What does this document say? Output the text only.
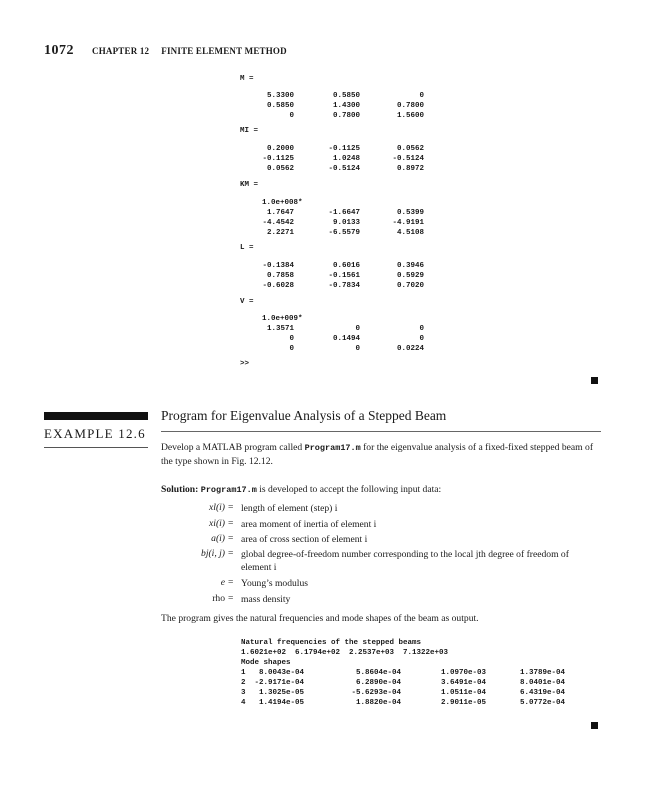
1072 CHAPTER 12 FINITE ELEMENT METHOD
M =
5.3300	0.5850	0
0.5850	1.4300	0.7800
0	0.7800	1.5600
MI =
0.2000	-0.1125	0.0562
-0.1125	1.0248	-0.5124
0.0562	-0.5124	0.8972
KM =
1.0e+008*
1.7647	-1.6647	0.5399
-4.4542	9.0133	-4.9191
2.2271	-6.5579	4.5108
L =
-0.1384	0.6016	0.3946
0.7858	-0.1561	0.5929
-0.6028	-0.7834	0.7020
V =
1.0e+009*
1.3571	0	0
0	0.1494	0
0	0	0.0224
>>
EXAMPLE 12.6
Program for Eigenvalue Analysis of a Stepped Beam
Develop a MATLAB program called Program17.m for the eigenvalue analysis of a fixed-fixed stepped beam of the type shown in Fig. 12.12.
Solution: Program17.m is developed to accept the following input data:
xl(i) = length of element (step) i
xi(i) = area moment of inertia of element i
a(i) = area of cross section of element i
bj(i, j) = global degree-of-freedom number corresponding to the local jth degree of freedom of element i
e = Young’s modulus
rho = mass density
The program gives the natural frequencies and mode shapes of the beam as output.
Natural frequencies of the stepped beams
1.6021e+02  6.1794e+02  2.2537e+03  7.1322e+03
Mode shapes
1 8.0043e-04	5.8604e-04	1.0970e-03	1.3789e-04
2 -2.9171e-04	6.2890e-04	3.6491e-04	8.0401e-04
3 1.3025e-05	-5.6293e-04	1.0511e-04	6.4319e-04
4 1.4194e-05	1.8820e-04	2.9011e-05	5.0772e-04
